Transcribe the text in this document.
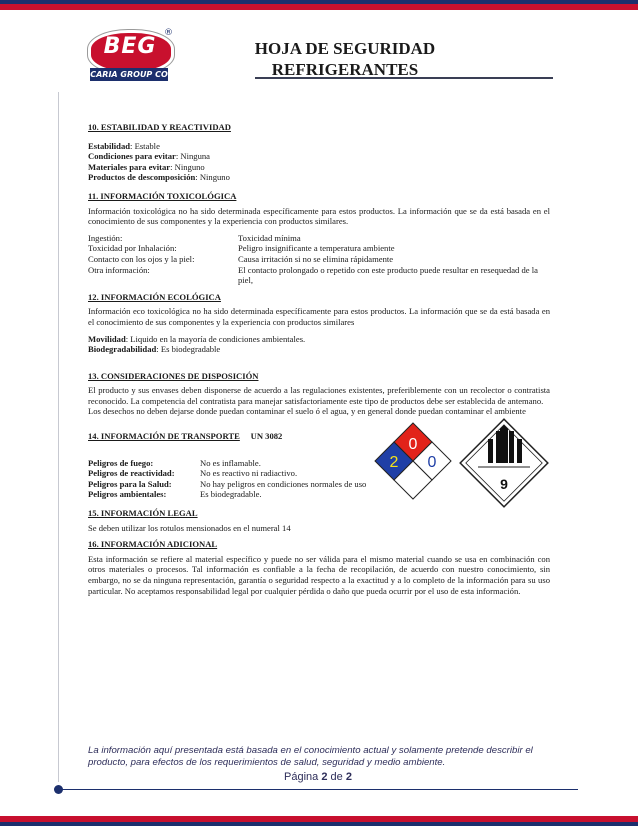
BEG
CARIA GROUP CO
®
HOJA DE SEGURIDAD
REFRIGERANTES

10. ESTABILIDAD Y REACTIVIDAD

Estabilidad: Estable

Condiciones para evitar: Ninguna

Materiales para evitar: Ninguno

Productos de descomposición: Ninguno

11. INFORMACIÓN TOXICOLÓGICA

Información toxicológica no ha sido determinada específicamente para estos productos. La información que se da está basada en el conocimiento de sus componentes y la experiencia con productos similares.

Ingestión:	Toxicidad mínima
Toxicidad por Inhalación:	Peligro insignificante a temperatura ambiente
Contacto con los ojos y la piel:	Causa irritación si no se elimina rápidamente
Otra información:	El contacto prolongado o repetido con este producto puede resultar en resequedad de la piel,

12. INFORMACIÓN ECOLÓGICA

Información eco toxicológica no ha sido determinada específicamente para estos productos. La información que se da está basada en el conocimiento de sus componentes y la experiencia con productos similares

Movilidad: Liquido en la mayoría de condiciones ambientales.

Biodegradabilidad: Es biodegradable

13. CONSIDERACIONES DE DISPOSICIÓN

El producto y sus envases deben disponerse de acuerdo a las regulaciones existentes, preferiblemente con un recolector o contratista reconocido. La competencia del contratista para manejar satisfactoriamente este tipo de productos debe ser establecida de antemano.

Los desechos no deben dejarse donde puedan contaminar el suelo ó el agua, y en general donde puedan contaminar el ambiente

14. INFORMACIÓN DE TRANSPORTE UN 3082

Peligros de fuego:	No es inflamable.
Peligros de reactividad:	No es reactivo ni radiactivo.
Peligros para la Salud:	No hay peligros en condiciones normales de uso
Peligros ambientales:	Es biodegradable.
0
2 0
9

15. INFORMACIÓN LEGAL

Se deben utilizar los rotulos mensionados en el numeral 14

16. INFORMACIÓN ADICIONAL

Esta información se refiere al material específico y puede no ser válida para el mismo material cuando se usa en combinación con otros materiales o procesos. Tal información es confiable a la fecha de recopilación, de acuerdo con nuestro conocimiento, sin embargo, no se da ninguna representación, garantía o seguridad respecto a la exactitud y a lo completo de la información para su uso particular. No aceptamos responsabilidad legal por cualquier pérdida o daño que pueda ocurrir por el uso de esta información.

La información aquí presentada está basada en el conocimiento actual y solamente pretende describir el producto, para efectos de los requerimientos de salud, seguridad y medio ambiente.
Página 2 de 2
